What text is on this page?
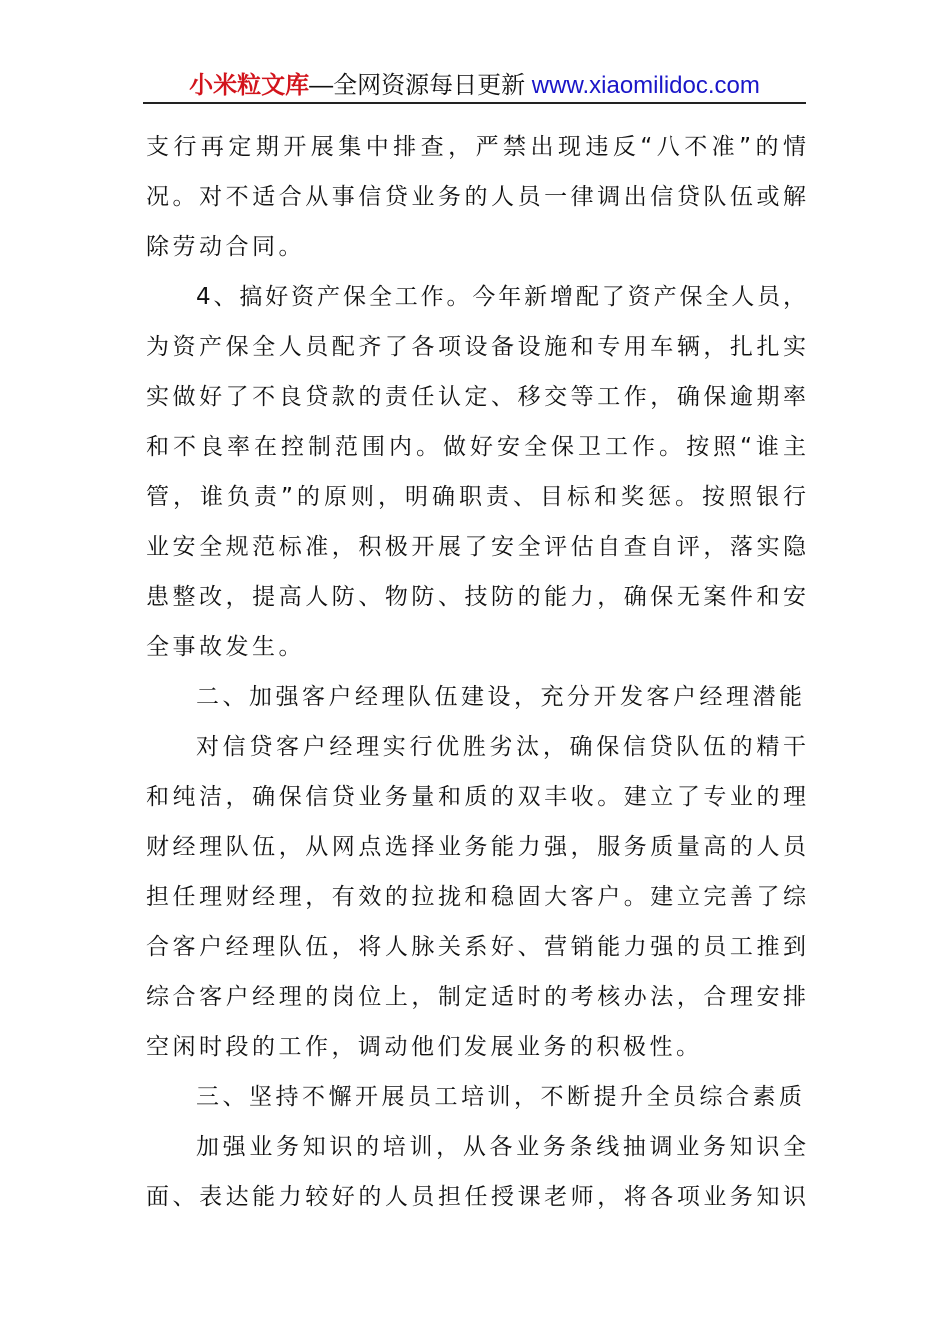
小米粒文库—全网资源每日更新 www.xiaomilidoc.com
支行再定期开展集中排查，严禁出现违反“八不准”的情
况。对不适合从事信贷业务的人员一律调出信贷队伍或解
除劳动合同。
4、搞好资产保全工作。今年新增配了资产保全人员，
为资产保全人员配齐了各项设备设施和专用车辆，扎扎实
实做好了不良贷款的责任认定、移交等工作，确保逾期率
和不良率在控制范围内。做好安全保卫工作。按照“谁主
管，谁负责”的原则，明确职责、目标和奖惩。按照银行
业安全规范标准，积极开展了安全评估自查自评，落实隐
患整改，提高人防、物防、技防的能力，确保无案件和安
全事故发生。
二、加强客户经理队伍建设，充分开发客户经理潜能
对信贷客户经理实行优胜劣汰，确保信贷队伍的精干
和纯洁，确保信贷业务量和质的双丰收。建立了专业的理
财经理队伍，从网点选择业务能力强，服务质量高的人员
担任理财经理，有效的拉拢和稳固大客户。建立完善了综
合客户经理队伍，将人脉关系好、营销能力强的员工推到
综合客户经理的岗位上，制定适时的考核办法，合理安排
空闲时段的工作，调动他们发展业务的积极性。
三、坚持不懈开展员工培训，不断提升全员综合素质
加强业务知识的培训，从各业务条线抽调业务知识全
面、表达能力较好的人员担任授课老师，将各项业务知识
